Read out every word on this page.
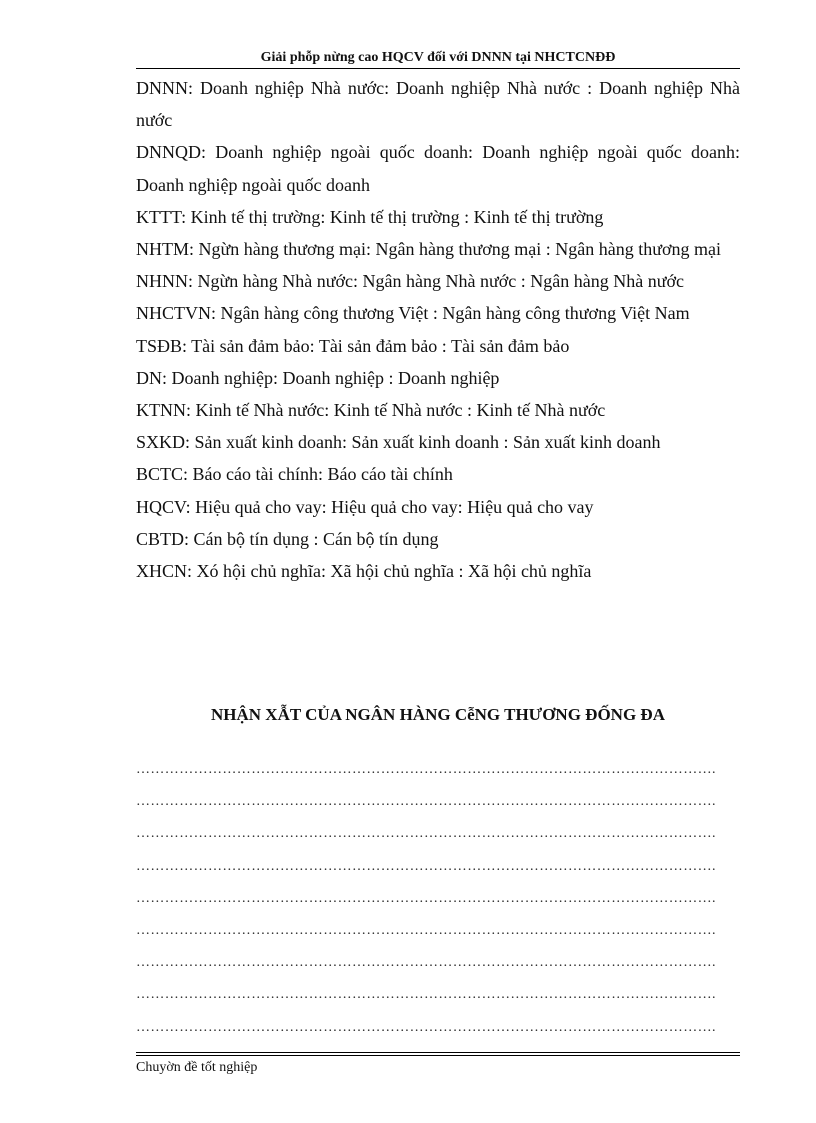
Giải phỗp nừng cao HQCV đối với DNNN tại NHCTCNĐĐ

DNNN: Doanh nghiệp Nhà nước: Doanh nghiệp Nhà nước : Doanh nghiệp Nhà nước

DNNQD: Doanh nghiệp ngoài quốc doanh: Doanh nghiệp ngoài quốc doanh: Doanh nghiệp ngoài quốc doanh

KTTT: Kinh tế thị trường: Kinh tế thị trường : Kinh tế thị trường

NHTM: Ngừn hàng thương mại: Ngân hàng thương mại : Ngân hàng thương mại

NHNN: Ngừn hàng Nhà nước: Ngân hàng Nhà nước : Ngân hàng Nhà nước

NHCTVN: Ngân hàng công thương Việt : Ngân hàng công thương Việt Nam

TSĐB: Tài sản đảm bảo: Tài sản đảm bảo : Tài sản đảm bảo

DN: Doanh nghiệp: Doanh nghiệp : Doanh nghiệp

KTNN: Kinh tế Nhà nước: Kinh tế Nhà nước : Kinh tế Nhà nước

SXKD: Sản xuất kinh doanh: Sản xuất kinh doanh : Sản xuất kinh doanh

BCTC: Báo cáo tài chính: Báo cáo tài chính

HQCV: Hiệu quả cho vay: Hiệu quả cho vay: Hiệu quả cho vay

CBTD: Cán bộ tín dụng : Cán bộ tín dụng

XHCN: Xó hội chủ nghĩa: Xã hội chủ nghĩa : Xã hội chủ nghĩa

NHẬN XẪT CỦA NGÂN HÀNG CễNG THƯƠNG ĐỐNG ĐA
………………………………………………………………………………………………………….
………………………………………………………………………………………………………….
………………………………………………………………………………………………………….
………………………………………………………………………………………………………….
………………………………………………………………………………………………………….
………………………………………………………………………………………………………….
………………………………………………………………………………………………………….
………………………………………………………………………………………………………….
………………………………………………………………………………………………………….
Chuyờn đề tốt nghiệp
